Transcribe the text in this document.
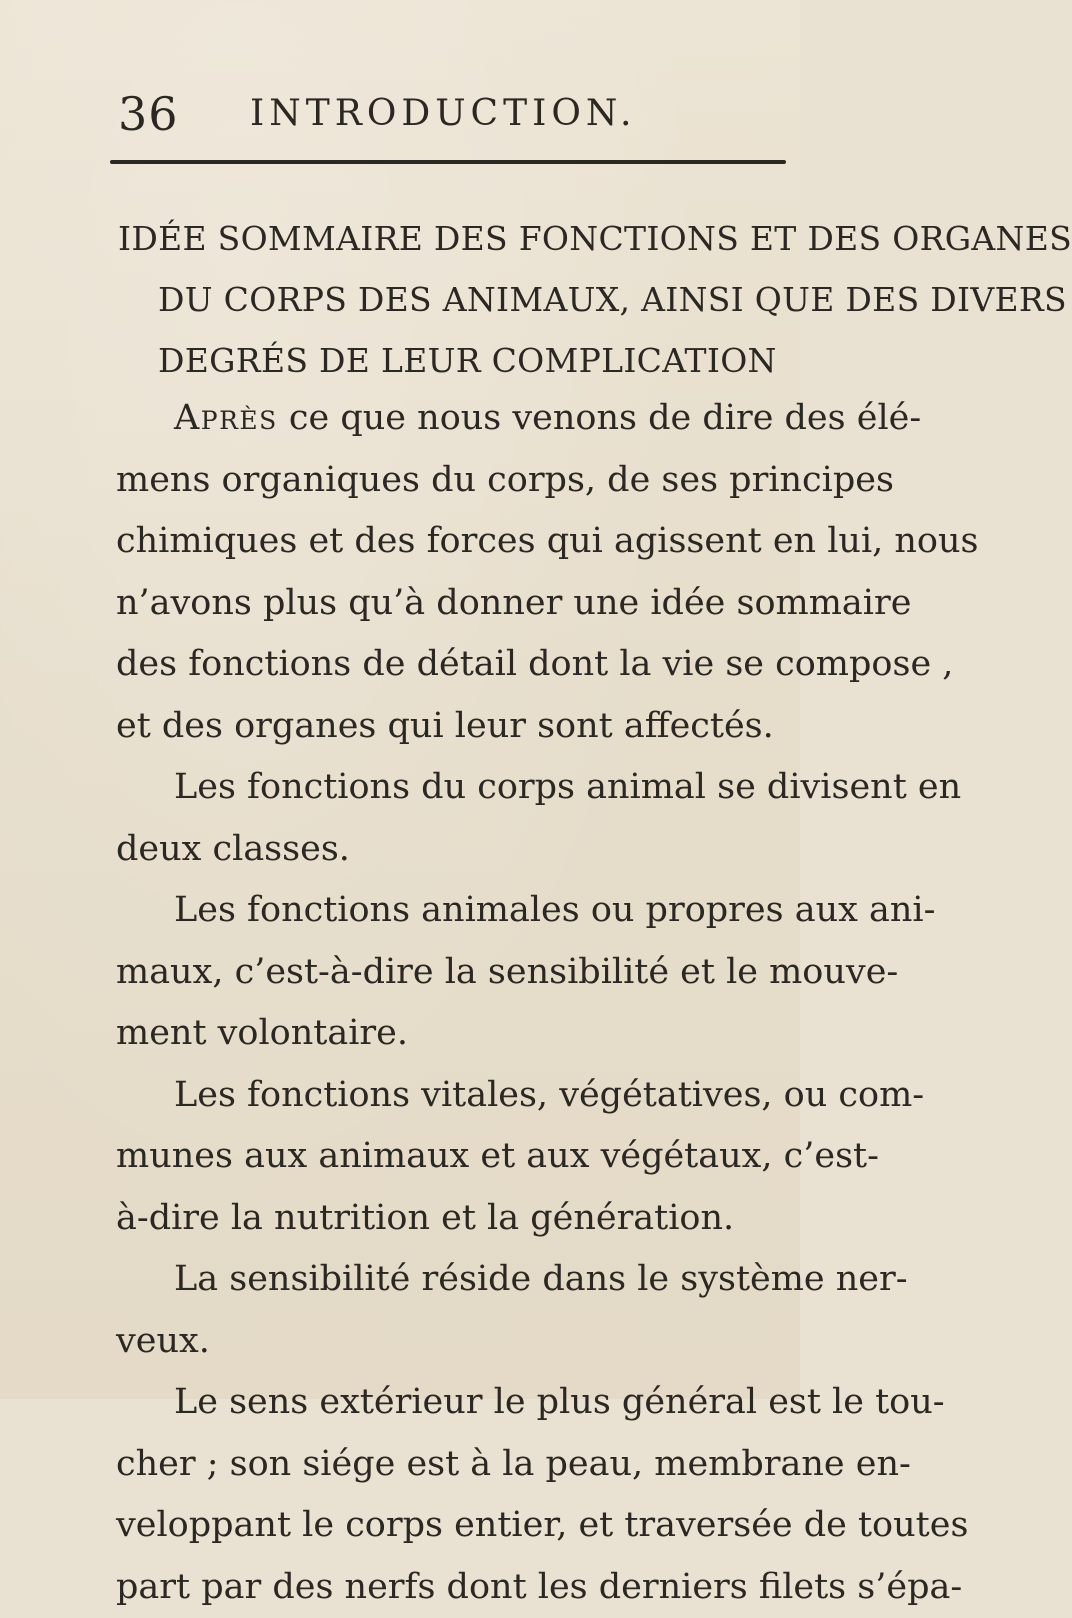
36 INTRODUCTION.
IDÉE SOMMAIRE DES FONCTIONS ET DES ORGANES
DU CORPS DES ANIMAUX, AINSI QUE DES DIVERS
DEGRÉS DE LEUR COMPLICATION
Après ce que nous venons de dire des élé-
mens organiques du corps, de ses principes
chimiques et des forces qui agissent en lui, nous
n’avons plus qu’à donner une idée sommaire
des fonctions de détail dont la vie se compose ,
et des organes qui leur sont affectés.
Les fonctions du corps animal se divisent en
deux classes.
Les fonctions animales ou propres aux ani-
maux, c’est-à-dire la sensibilité et le mouve-
ment volontaire.
Les fonctions vitales, végétatives, ou com-
munes aux animaux et aux végétaux, c’est-
à-dire la nutrition et la génération.
La sensibilité réside dans le système ner-
veux.
Le sens extérieur le plus général est le tou-
cher ; son siége est à la peau, membrane en-
veloppant le corps entier, et traversée de toutes
part par des nerfs dont les derniers filets s’épa-
